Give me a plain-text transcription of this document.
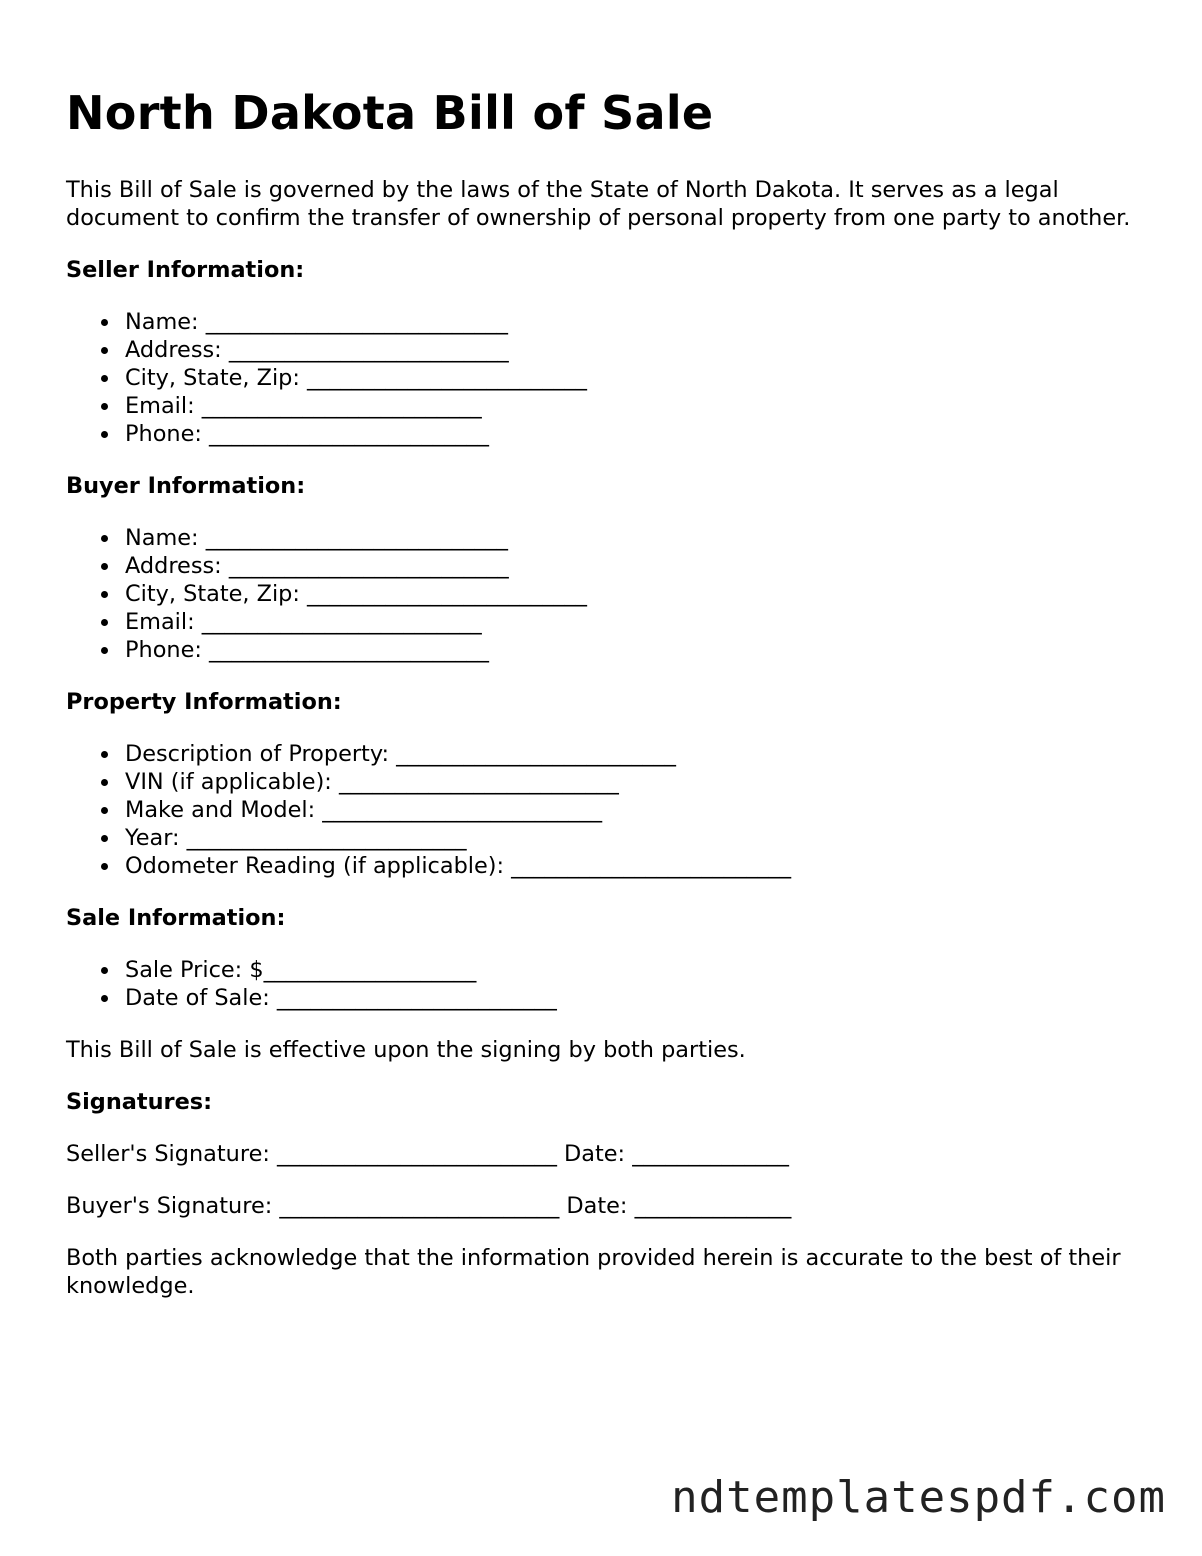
North Dakota Bill of Sale

This Bill of Sale is governed by the laws of the State of North Dakota. It serves as a legal document to confirm the transfer of ownership of personal property from one party to another.

Seller Information:
Name: ___________________________
Address: _________________________
City, State, Zip: _________________________
Email: _________________________
Phone: _________________________
Buyer Information:
Name: ___________________________
Address: _________________________
City, State, Zip: _________________________
Email: _________________________
Phone: _________________________
Property Information:
Description of Property: _________________________
VIN (if applicable): _________________________
Make and Model: _________________________
Year: _________________________
Odometer Reading (if applicable): _________________________
Sale Information:
Sale Price: $___________________
Date of Sale: _________________________

This Bill of Sale is effective upon the signing by both parties.

Signatures:

Seller's Signature: _________________________ Date: ______________

Buyer's Signature: _________________________ Date: ______________

Both parties acknowledge that the information provided herein is accurate to the best of their knowledge.

ndtemplatespdf.com
